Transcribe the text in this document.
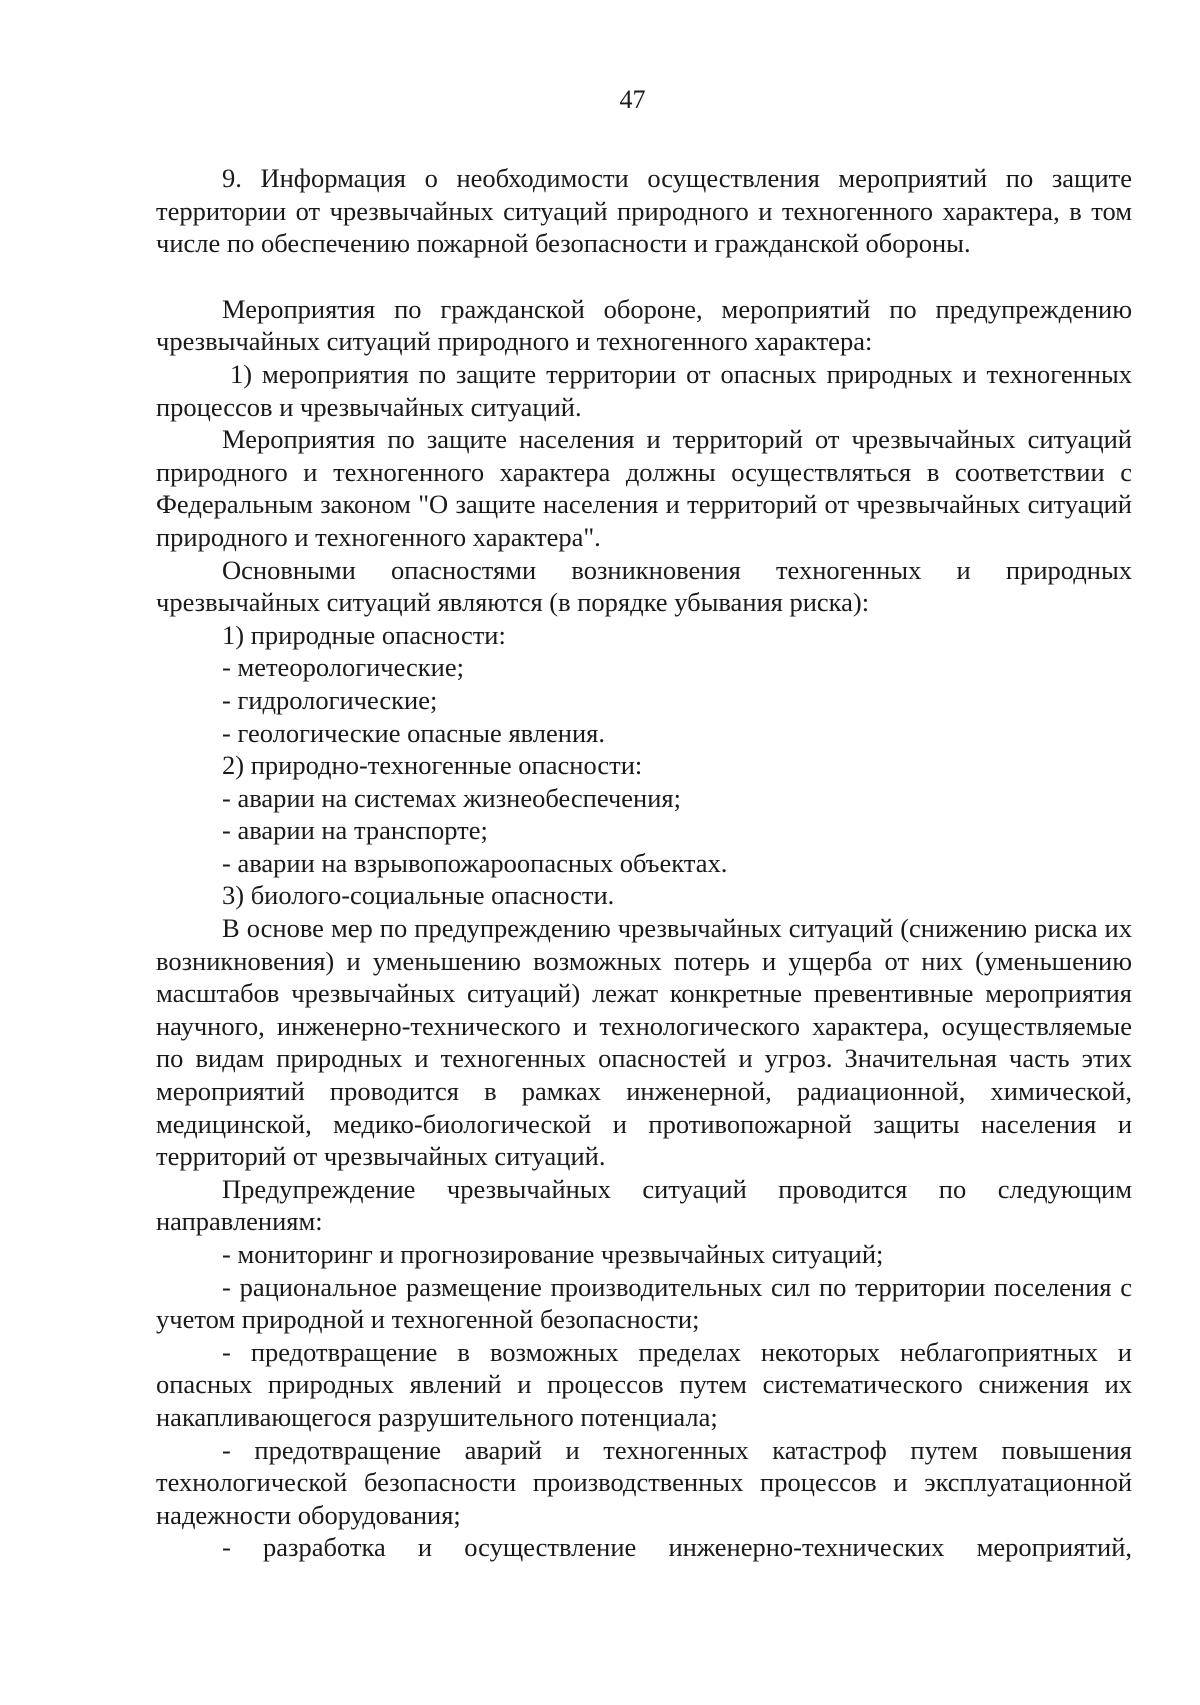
47

9. Информация о необходимости осуществления мероприятий по защите территории от чрезвычайных ситуаций природного и техногенного характера, в том числе по обеспечению пожарной безопасности и гражданской обороны.

Мероприятия по гражданской обороне, мероприятий по предупреждению чрезвычайных ситуаций природного и техногенного характера:

1) мероприятия по защите территории от опасных природных и техногенных процессов и чрезвычайных ситуаций.

Мероприятия по защите населения и территорий от чрезвычайных ситуаций природного и техногенного характера должны осуществляться в соответствии с Федеральным законом "О защите населения и территорий от чрезвычайных ситуаций природного и техногенного характера".

Основными опасностями возникновения техногенных и природных чрезвычайных ситуаций являются (в порядке убывания риска):

1) природные опасности:

- метеорологические;

- гидрологические;

- геологические опасные явления.

2) природно-техногенные опасности:

- аварии на системах жизнеобеспечения;

- аварии на транспорте;

- аварии на взрывопожароопасных объектах.

3) биолого-социальные опасности.

В основе мер по предупреждению чрезвычайных ситуаций (снижению риска их возникновения) и уменьшению возможных потерь и ущерба от них (уменьшению масштабов чрезвычайных ситуаций) лежат конкретные превентивные мероприятия научного, инженерно-технического и технологического характера, осуществляемые по видам природных и техногенных опасностей и угроз. Значительная часть этих мероприятий проводится в рамках инженерной, радиационной, химической, медицинской, медико-биологической и противопожарной защиты населения и территорий от чрезвычайных ситуаций.

Предупреждение чрезвычайных ситуаций проводится по следующим направлениям:

- мониторинг и прогнозирование чрезвычайных ситуаций;

- рациональное размещение производительных сил по территории поселения с учетом природной и техногенной безопасности;

- предотвращение в возможных пределах некоторых неблагоприятных и опасных природных явлений и процессов путем систематического снижения их накапливающегося разрушительного потенциала;

- предотвращение аварий и техногенных катастроф путем повышения технологической безопасности производственных процессов и эксплуатационной надежности оборудования;

- разработка и осуществление инженерно-технических мероприятий,
